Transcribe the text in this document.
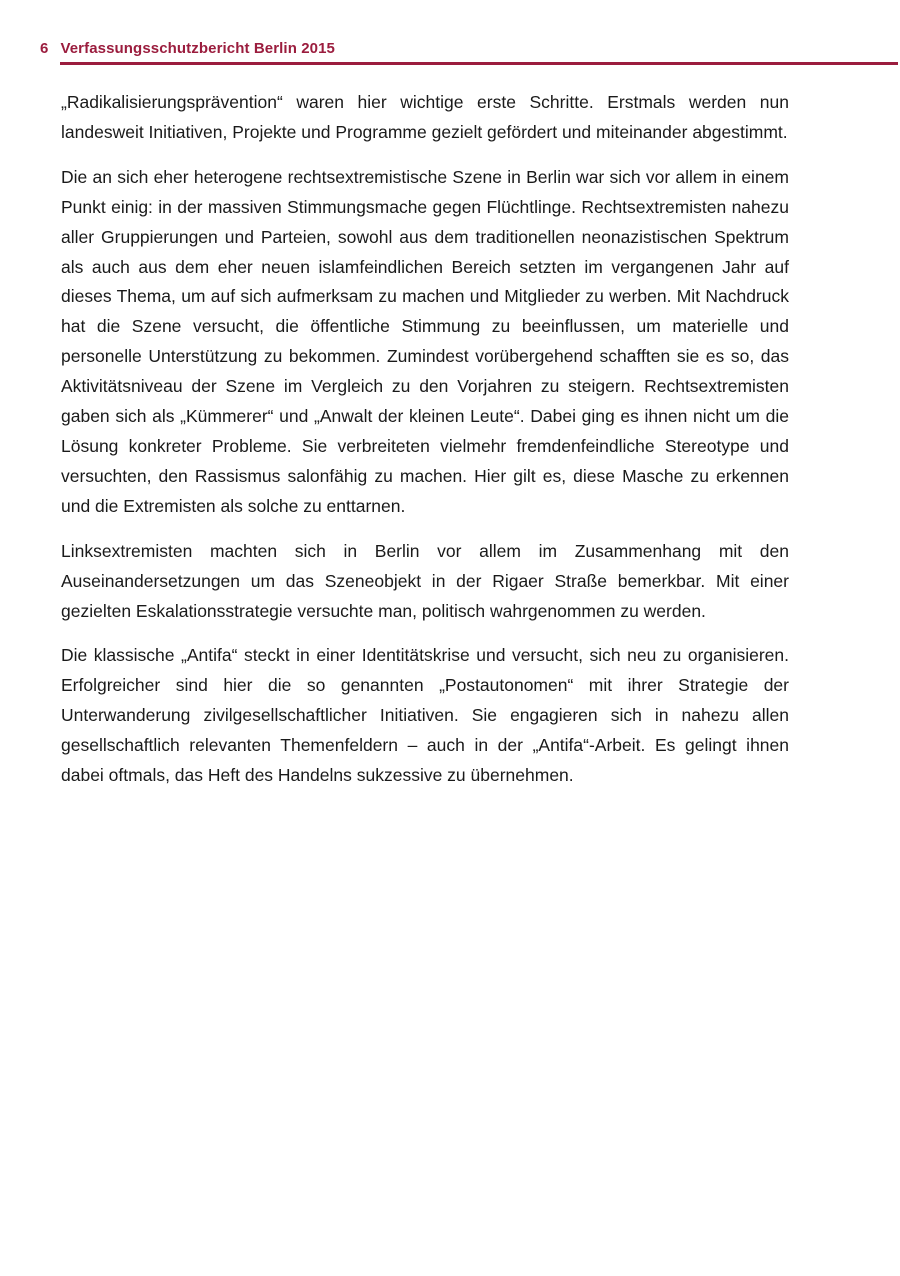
6 Verfassungsschutzbericht Berlin 2015

„Radikalisierungsprävention“ waren hier wichtige erste Schritte. Erstmals werden nun landesweit Initiativen, Projekte und Programme gezielt gefördert und miteinander abgestimmt.

Die an sich eher heterogene rechtsextremistische Szene in Berlin war sich vor allem in einem Punkt einig: in der massiven Stimmungsmache gegen Flüchtlinge. Rechtsextremisten nahezu aller Gruppierungen und Parteien, sowohl aus dem traditionellen neonazistischen Spektrum als auch aus dem eher neuen islamfeindlichen Bereich setzten im vergangenen Jahr auf dieses Thema, um auf sich aufmerksam zu machen und Mitglieder zu werben. Mit Nachdruck hat die Szene versucht, die öffentliche Stimmung zu beeinflussen, um materielle und personelle Unterstützung zu bekommen. Zumindest vorübergehend schafften sie es so, das Aktivitätsniveau der Szene im Vergleich zu den Vorjahren zu steigern. Rechtsextremisten gaben sich als „Kümmerer“ und „Anwalt der kleinen Leute“. Dabei ging es ihnen nicht um die Lösung konkreter Probleme. Sie verbreiteten vielmehr fremdenfeindliche Stereotype und versuchten, den Rassismus salonfähig zu machen. Hier gilt es, diese Masche zu erkennen und die Extremisten als solche zu enttarnen.

Linksextremisten machten sich in Berlin vor allem im Zusammenhang mit den Auseinandersetzungen um das Szeneobjekt in der Rigaer Straße bemerkbar. Mit einer gezielten Eskalationsstrategie versuchte man, politisch wahrgenommen zu werden.

Die klassische „Antifa“ steckt in einer Identitätskrise und versucht, sich neu zu organisieren. Erfolgreicher sind hier die so genannten „Postautonomen“ mit ihrer Strategie der Unterwanderung zivilgesellschaftlicher Initiativen. Sie engagieren sich in nahezu allen gesellschaftlich relevanten Themenfeldern – auch in der „Antifa“-Arbeit. Es gelingt ihnen dabei oftmals, das Heft des Handelns sukzessive zu übernehmen.
